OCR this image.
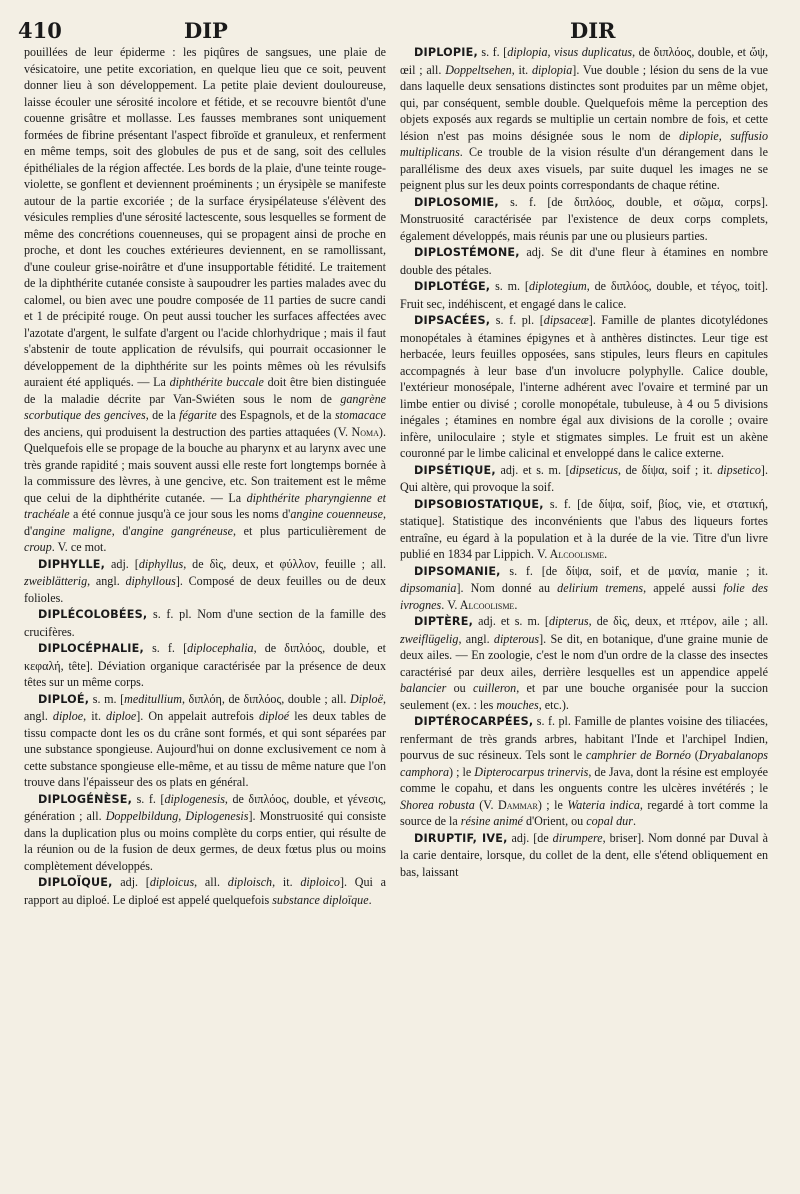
410	DIP	DIR

pouillées de leur épiderme : les piqûres de sangsues, une plaie de vésicatoire, une petite excoriation, en quelque lieu que ce soit, peuvent donner lieu à son développement. La petite plaie devient douloureuse, laisse écouler une sérosité incolore et fétide, et se recouvre bientôt d'une couenne grisâtre et mollasse. Les fausses membranes sont uniquement formées de fibrine présentant l'aspect fibroïde et granuleux, et renferment en même temps, soit des globules de pus et de sang, soit des cellules épithéliales de la région affectée. Les bords de la plaie, d'une teinte rouge-violette, se gonflent et deviennent proéminents ; un érysipèle se manifeste autour de la partie excoriée ; de la surface érysipélateuse s'élèvent des vésicules remplies d'une sérosité lactescente, sous lesquelles se forment de même des concrétions couenneuses, qui se propagent ainsi de proche en proche, et dont les couches extérieures deviennent, en se ramollissant, d'une couleur grise-noirâtre et d'une insupportable fétidité. Le traitement de la diphthérite cutanée consiste à saupoudrer les parties malades avec du calomel, ou bien avec une poudre composée de 11 parties de sucre candi et 1 de précipité rouge. On peut aussi toucher les surfaces affectées avec l'azotate d'argent, le sulfate d'argent ou l'acide chlorhydrique ; mais il faut s'abstenir de toute application de révulsifs, qui pourrait occasionner le développement de la diphthérite sur les points mêmes où les révulsifs auraient été appliqués. — La diphthérite buccale doit être bien distinguée de la maladie décrite par Van-Swiéten sous le nom de gangrène scorbutique des gencives, de la fégarite des Espagnols, et de la stomacace des anciens, qui produisent la destruction des parties attaquées (V. Noma). Quelquefois elle se propage de la bouche au pharynx et au larynx avec une très grande rapidité ; mais souvent aussi elle reste fort longtemps bornée à la commissure des lèvres, à une gencive, etc. Son traitement est le même que celui de la diphthérite cutanée. — La diphthérite pharyngienne et trachéale a été connue jusqu'à ce jour sous les noms d'angine couenneuse, d'angine maligne, d'angine gangréneuse, et plus particulièrement de croup. V. ce mot.

DIPHYLLE, adj. [diphyllus, de δὶς, deux, et φύλλον, feuille ; all. zweiblätterig, angl. diphyllous]. Composé de deux feuilles ou de deux folioles.

DIPLÉCOLOBÉES, s. f. pl. Nom d'une section de la famille des crucifères.

DIPLOCÉPHALIE, s. f. [diplocephalia, de διπλόος, double, et κεφαλή, tête]. Déviation organique caractérisée par la présence de deux têtes sur un même corps.

DIPLOÉ, s. m. [meditullium, διπλόη, de διπλόος, double ; all. Diploë, angl. diploe, it. diploe]. On appelait autrefois diploé les deux tables de tissu compacte dont les os du crâne sont formés, et qui sont séparées par une substance spongieuse. Aujourd'hui on donne exclusivement ce nom à cette substance spongieuse elle-même, et au tissu de même nature que l'on trouve dans l'épaisseur des os plats en général.

DIPLOGÉNÈSE, s. f. [diplogenesis, de διπλόος, double, et γένεσις, génération ; all. Doppelbildung, Diplogenesis]. Monstruosité qui consiste dans la duplication plus ou moins complète du corps entier, qui résulte de la réunion ou de la fusion de deux germes, de deux fœtus plus ou moins complètement développés.

DIPLOÏQUE, adj. [diploicus, all. diploisch, it. diploico]. Qui a rapport au diploé. Le diploé est appelé quelquefois substance diploïque.

DIPLOPIE, s. f. [diplopia, visus duplicatus, de διπλόος, double, et ὤψ, œil ; all. Doppeltsehen, it. diplopia]. Vue double ; lésion du sens de la vue dans laquelle deux sensations distinctes sont produites par un même objet, qui, par conséquent, semble double. Quelquefois même la perception des objets exposés aux regards se multiplie un certain nombre de fois, et cette lésion n'est pas moins désignée sous le nom de diplopie, suffusio multiplicans. Ce trouble de la vision résulte d'un dérangement dans le parallélisme des deux axes visuels, par suite duquel les images ne se peignent plus sur les deux points correspondants de chaque rétine.

DIPLOSOMIE, s. f. [de διπλόος, double, et σῶμα, corps]. Monstruosité caractérisée par l'existence de deux corps complets, également développés, mais réunis par une ou plusieurs parties.

DIPLOSTÉMONE, adj. Se dit d'une fleur à étamines en nombre double des pétales.

DIPLOTÉGE, s. m. [diplotegium, de διπλόος, double, et τέγος, toit]. Fruit sec, indéhiscent, et engagé dans le calice.

DIPSACÉES, s. f. pl. [dipsaceæ]. Famille de plantes dicotylédones monopétales à étamines épigynes et à anthères distinctes. Leur tige est herbacée, leurs feuilles opposées, sans stipules, leurs fleurs en capitules accompagnés à leur base d'un involucre polyphylle. Calice double, l'extérieur monosépale, l'interne adhérent avec l'ovaire et terminé par un limbe entier ou divisé ; corolle monopétale, tubuleuse, à 4 ou 5 divisions inégales ; étamines en nombre égal aux divisions de la corolle ; ovaire infère, uniloculaire ; style et stigmates simples. Le fruit est un akène couronné par le limbe calicinal et enveloppé dans le calice externe.

DIPSÉTIQUE, adj. et s. m. [dipseticus, de δίψα, soif ; it. dipsetico]. Qui altère, qui provoque la soif.

DIPSOBIOSTATIQUE, s. f. [de δίψα, soif, βίος, vie, et στατική, statique]. Statistique des inconvénients que l'abus des liqueurs fortes entraîne, eu égard à la population et à la durée de la vie. Titre d'un livre publié en 1834 par Lippich. V. Alcoolisme.

DIPSOMANIE, s. f. [de δίψα, soif, et de μανία, manie ; it. dipsomania]. Nom donné au delirium tremens, appelé aussi folie des ivrognes. V. Alcoolisme.

DIPTÈRE, adj. et s. m. [dipterus, de δὶς, deux, et πτέρον, aile ; all. zweiflügelig, angl. dipterous]. Se dit, en botanique, d'une graine munie de deux ailes. — En zoologie, c'est le nom d'un ordre de la classe des insectes caractérisé par deux ailes, derrière lesquelles est un appendice appelé balancier ou cuilleron, et par une bouche organisée pour la succion seulement (ex. : les mouches, etc.).

DIPTÉROCARPÉES, s. f. pl. Famille de plantes voisine des tiliacées, renfermant de très grands arbres, habitant l'Inde et l'archipel Indien, pourvus de suc résineux. Tels sont le camphrier de Bornéo (Dryabalanops camphora) ; le Dipterocarpus trinervis, de Java, dont la résine est employée comme le copahu, et dans les onguents contre les ulcères invétérés ; le Shorea robusta (V. Dammar) ; le Wateria indica, regardé à tort comme la source de la résine animé d'Orient, ou copal dur.

DIRUPTIF, IVE, adj. [de dirumpere, briser]. Nom donné par Duval à la carie dentaire, lorsque, du collet de la dent, elle s'étend obliquement en bas, laissant
